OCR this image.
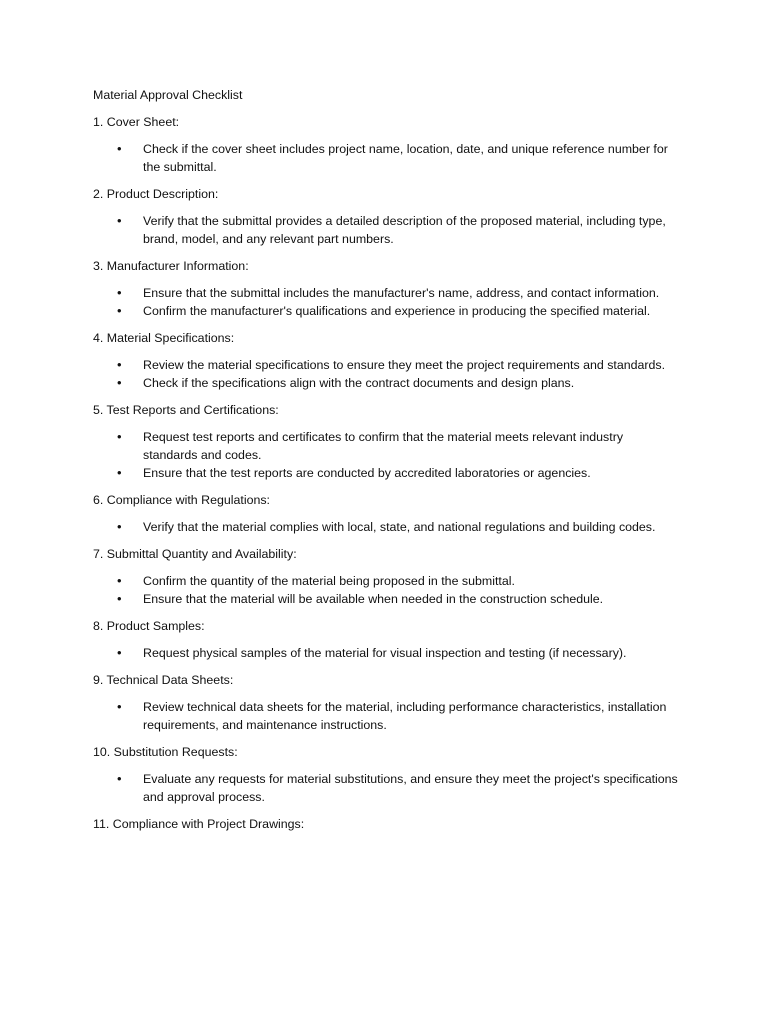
Material Approval Checklist

1. Cover Sheet:

• Check if the cover sheet includes project name, location, date, and unique reference number for the submittal.

2. Product Description:

• Verify that the submittal provides a detailed description of the proposed material, including type, brand, model, and any relevant part numbers.

3. Manufacturer Information:

• Ensure that the submittal includes the manufacturer's name, address, and contact information.
• Confirm the manufacturer's qualifications and experience in producing the specified material.

4. Material Specifications:

• Review the material specifications to ensure they meet the project requirements and standards.
• Check if the specifications align with the contract documents and design plans.

5. Test Reports and Certifications:

• Request test reports and certificates to confirm that the material meets relevant industry standards and codes.
• Ensure that the test reports are conducted by accredited laboratories or agencies.

6. Compliance with Regulations:

• Verify that the material complies with local, state, and national regulations and building codes.

7. Submittal Quantity and Availability:

• Confirm the quantity of the material being proposed in the submittal.
• Ensure that the material will be available when needed in the construction schedule.

8. Product Samples:

• Request physical samples of the material for visual inspection and testing (if necessary).

9. Technical Data Sheets:

• Review technical data sheets for the material, including performance characteristics, installation requirements, and maintenance instructions.

10. Substitution Requests:

• Evaluate any requests for material substitutions, and ensure they meet the project's specifications and approval process.

11. Compliance with Project Drawings:
